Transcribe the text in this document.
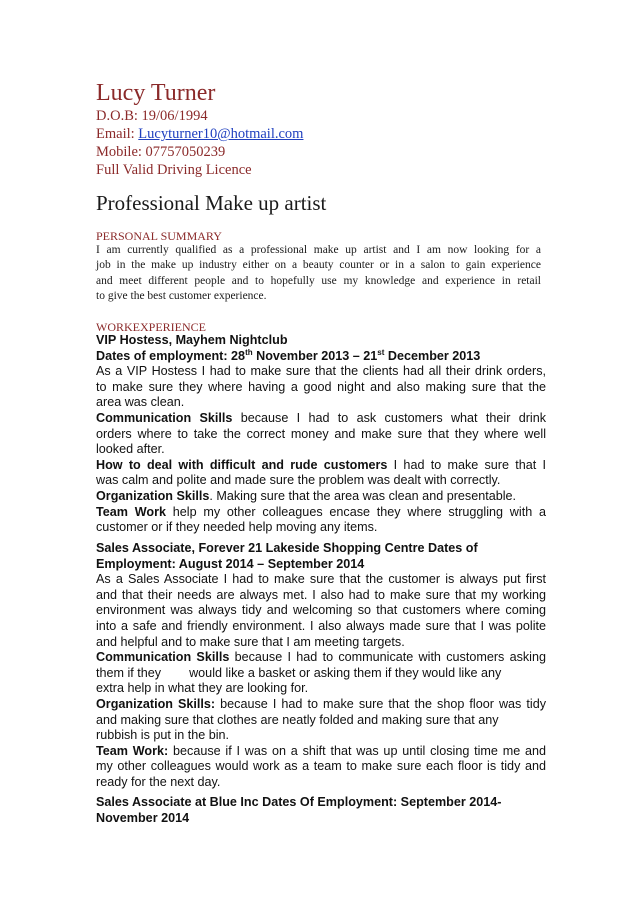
Lucy Turner
D.O.B: 19/06/1994
Email: Lucyturner10@hotmail.com
Mobile: 07757050239
Full Valid Driving Licence
Professional Make up artist
PERSONAL SUMMARY
I am currently qualified as a professional make up artist and I am now looking for a
job in the make up industry either on a beauty counter or in a salon to gain experience
and meet different people and to hopefully use my knowledge and experience in retail
to give the best customer experience.
WORKEXPERIENCE
VIP Hostess, Mayhem Nightclub
Dates of employment: 28th November 2013 – 21st December 2013
As a VIP Hostess I had to make sure that the clients had all their drink orders,
to make sure they where having a good night and also making sure that the
area was clean.
Communication Skills because I had to ask customers what their drink
orders where to take the correct money and make sure that they where well
looked after.
How to deal with difficult and rude customers I had to make sure that I
was calm and polite and made sure the problem was dealt with correctly.
Organization Skills. Making sure that the area was clean and presentable.
Team Work help my other colleagues encase they where struggling with a
customer or if they needed help moving any items.
Sales Associate, Forever 21 Lakeside Shopping Centre Dates of
Employment: August 2014 – September 2014
As a Sales Associate I had to make sure that the customer is always put first
and that their needs are always met. I also had to make sure that my working
environment was always tidy and welcoming so that customers where coming
into a safe and friendly environment. I also always made sure that I was polite
and helpful and to make sure that I am meeting targets.
Communication Skills because I had to communicate with customers asking
them if they        would like a basket or asking them if they would like any
extra help in what they are looking for.
Organization Skills: because I had to make sure that the shop floor was tidy
and making sure that clothes are neatly folded and making sure that any
rubbish is put in the bin.
Team Work: because if I was on a shift that was up until closing time me and
my other colleagues would work as a team to make sure each floor is tidy and
ready for the next day.
Sales Associate at Blue Inc Dates Of Employment: September 2014-
November 2014
